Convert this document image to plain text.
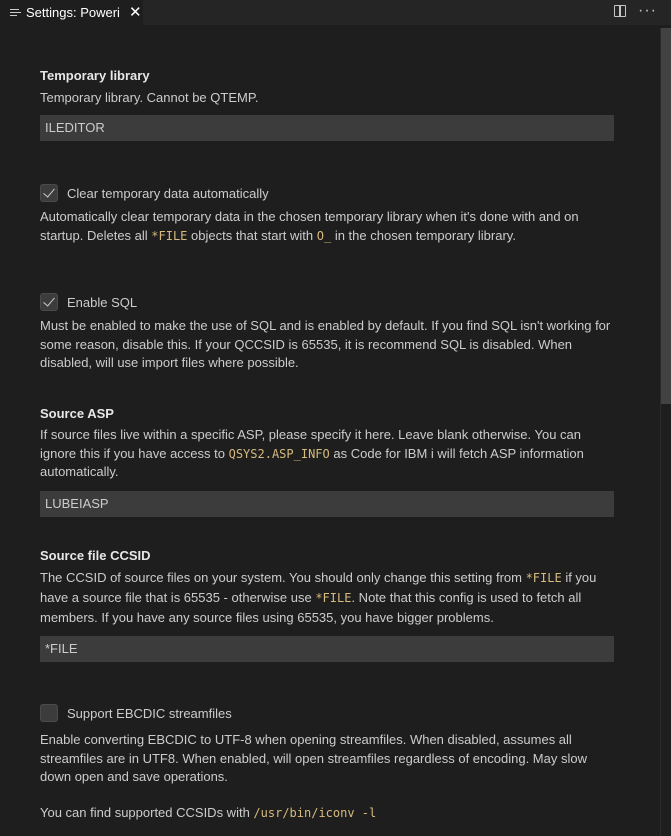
Settings: Poweri ✕	···
Temporary library
Temporary library. Cannot be QTEMP.
ILEDITOR
Clear temporary data automatically
Automatically clear temporary data in the chosen temporary library when it's done with and on startup. Deletes all *FILE objects that start with O_ in the chosen temporary library.
Enable SQL
Must be enabled to make the use of SQL and is enabled by default. If you find SQL isn't working for some reason, disable this. If your QCCSID is 65535, it is recommend SQL is disabled. When disabled, will use import files where possible.
Source ASP
If source files live within a specific ASP, please specify it here. Leave blank otherwise. You can ignore this if you have access to QSYS2.ASP_INFO as Code for IBM i will fetch ASP information automatically.
LUBEIASP
Source file CCSID
The CCSID of source files on your system. You should only change this setting from *FILE if you have a source file that is 65535 - otherwise use *FILE. Note that this config is used to fetch all members. If you have any source files using 65535, you have bigger problems.
*FILE
Support EBCDIC streamfiles
Enable converting EBCDIC to UTF-8 when opening streamfiles. When disabled, assumes all streamfiles are in UTF8. When enabled, will open streamfiles regardless of encoding. May slow down open and save operations.
You can find supported CCSIDs with /usr/bin/iconv -l
